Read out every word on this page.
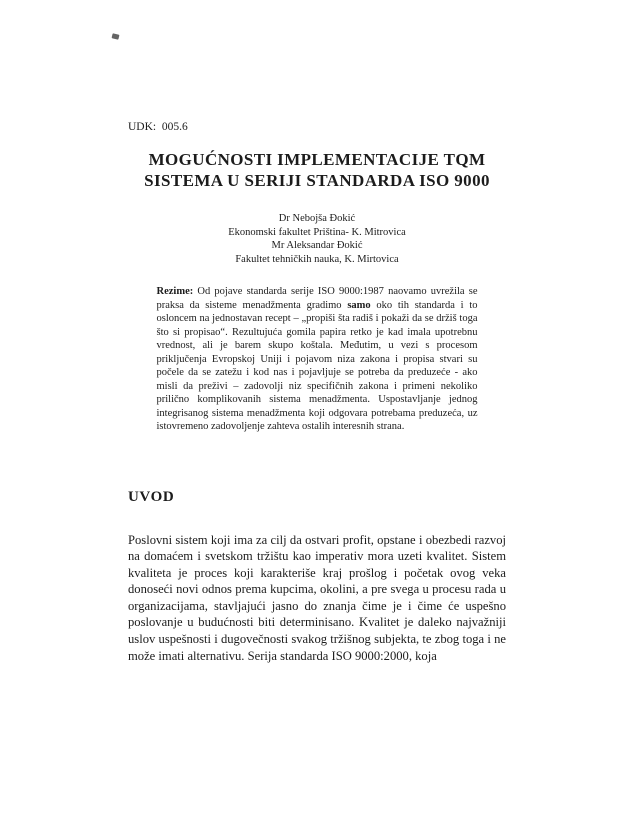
UDK:  005.6
MOGUĆNOSTI IMPLEMENTACIJE TQM
SISTEMA U SERIJI STANDARDA ISO 9000
Dr Nebojša Đokić
Ekonomski fakultet Priština- K. Mitrovica
Mr Aleksandar Đokić
Fakultet tehničkih nauka, K. Mirtovica

Rezime: Od pojave standarda serije ISO 9000:1987 naovamo uvrežila se praksa da sisteme menadžmenta gradimo samo oko tih standarda i to osloncem na jednostavan recept – „propiši šta radiš i pokaži da se držiš toga što si propisao“. Rezultujuća gomila papira retko je kad imala upotrebnu vrednost, ali je barem skupo koštala. Međutim, u vezi s procesom priključenja Evropskoj Uniji i pojavom niza zakona i propisa stvari su počele da se zatežu i kod nas i pojavljuje se potreba da preduzeće - ako misli da preživi – zadovolji niz specifičnih zakona i primeni nekoliko prilično komplikovanih sistema menadžmenta. Uspostavljanje jednog integrisanog sistema menadžmenta koji odgovara potrebama preduzeća, uz istovremeno zadovoljenje zahteva ostalih interesnih strana.

UVOD

Poslovni sistem koji ima za cilj da ostvari profit, opstane i obezbedi razvoj na domaćem i svetskom tržištu kao imperativ mora uzeti kvalitet. Sistem kvaliteta je proces koji karakteriše kraj prošlog i početak ovog veka donoseći novi odnos prema kupcima, okolini, a pre svega u procesu rada u organizacijama, stavljajući jasno do znanja čime je i čime će uspešno poslovanje u budućnosti biti determinisano. Kvalitet je daleko najvažniji uslov uspešnosti i dugovečnosti svakog tržišnog subjekta, te zbog toga i ne može imati alternativu. Serija standarda ISO 9000:2000, koja
